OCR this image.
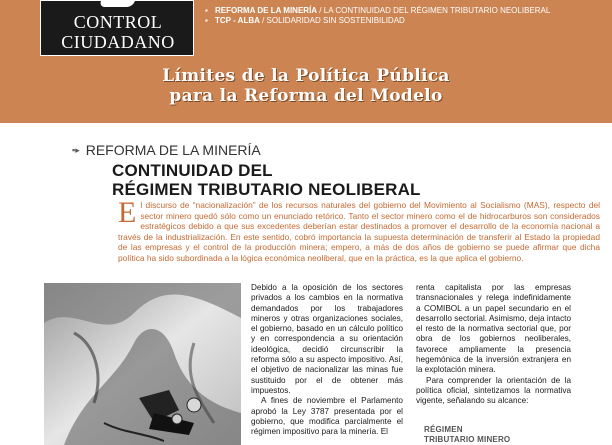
CONTROL
CIUDADANO
▪ REFORMA DE LA MINERÍA / LA CONTINUIDAD DEL RÉGIMEN TRIBUTARIO NEOLIBERAL
▪ TCP - ALBA / SOLIDARIDAD SIN SOSTENIBILIDAD
Límites de la Política Pública
para la Reforma del Modelo
▪▸ REFORMA DE LA MINERÍA
CONTINUIDAD DEL
RÉGIMEN TRIBUTARIO NEOLIBERAL
El discurso de “nacionalización” de los recursos naturales del gobierno del Movimiento al Socialismo (MAS), respecto del sector minero quedó sólo como un enunciado retórico. Tanto el sector minero como el de hidrocarburos son considerados estratégicos debido a que sus excedentes deberían estar destinados a promover el desarrollo de la economía nacional a través de la industrialización. En este sentido, cobró importancia la supuesta determinación de transferir al Estado la propiedad de las empresas y el control de la producción minera; empero, a más de dos años de gobierno se puede afirmar que dicha política ha sido subordinada a la lógica económica neoliberal, que en la práctica, es la que aplica el gobierno.

Debido a la oposición de los sectores privados a los cambios en la normativa demandados por los trabajadores mineros y otras organizaciones sociales, el gobierno, basado en un cálculo político y en correspondencia a su orientación ideológica, decidió circunscribir la reforma sólo a su aspecto impositivo. Así, el objetivo de nacionalizar las minas fue sustituido por el de obtener más impuestos.

A fines de noviembre el Parlamento aprobó la Ley 3787 presentada por el gobierno, que modifica parcialmente el régimen impositivo para la minería. El

renta capitalista por las empresas transnacionales y relega indefinidamente a COMIBOL a un papel secundario en el desarrollo sectorial. Asimismo, deja intacto el resto de la normativa sectorial que, por obra de los gobiernos neoliberales, favorece ampliamente la presencia hegemónica de la inversión extranjera en la explotación minera.

Para comprender la orientación de la política oficial, sintetizamos la normativa vigente, señalando su alcance:

RÉGIMEN
TRIBUTARIO MINERO
